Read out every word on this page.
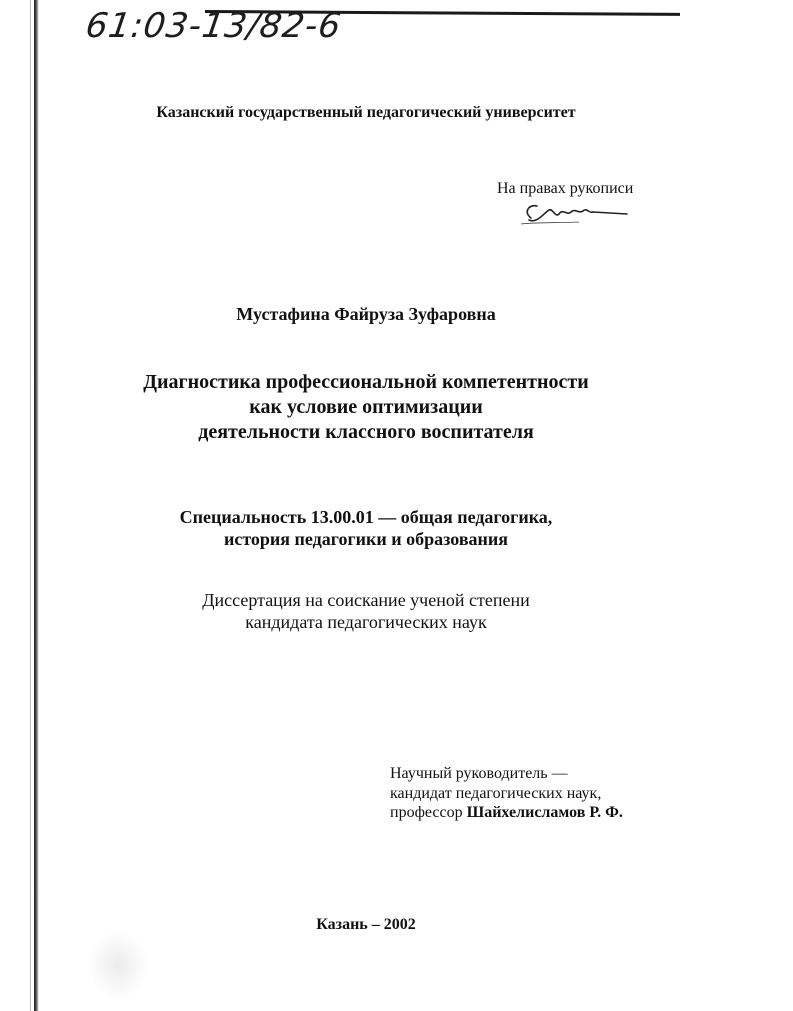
61:03-13/82-6
Казанский государственный педагогический университет
На правах рукописи
Мустафина Файруза Зуфаровна
Диагностика профессиональной компетентности
как условие оптимизации
деятельности классного воспитателя
Специальность 13.00.01 — общая педагогика,
история педагогики и образования
Диссертация на соискание ученой степени
кандидата педагогических наук
Научный руководитель —
кандидат педагогических наук,
профессор Шайхелисламов Р. Ф.
Казань – 2002
